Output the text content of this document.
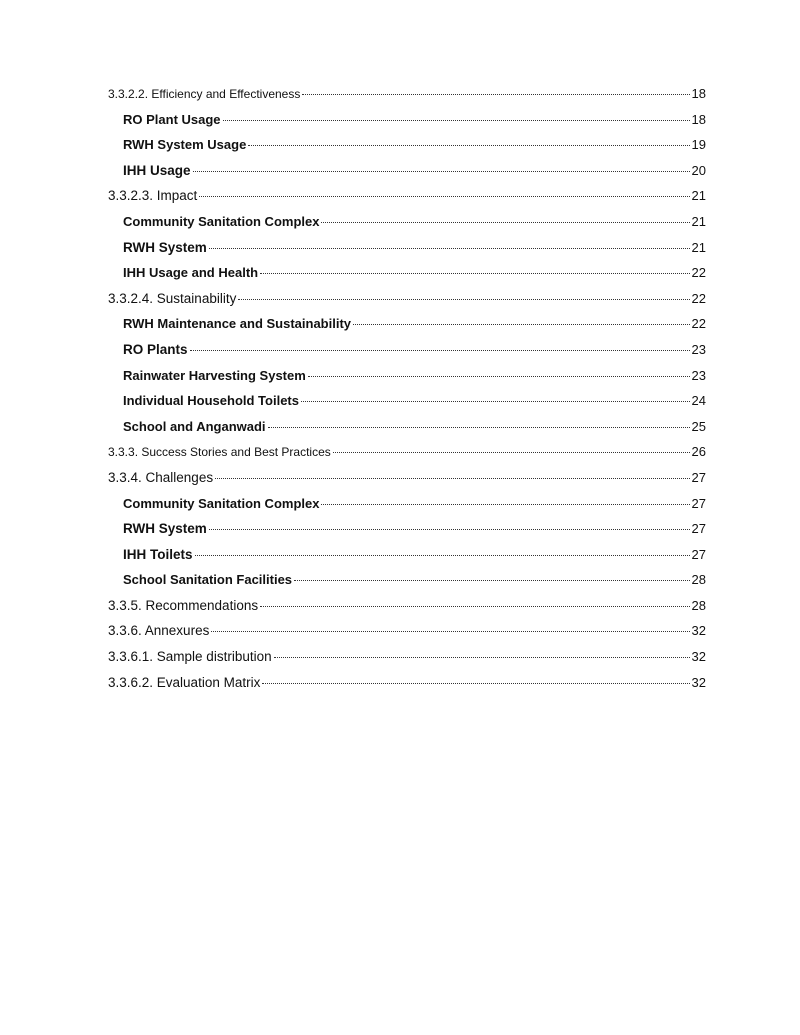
3.3.2.2. Efficiency and Effectiveness	18
RO Plant Usage	18
RWH System Usage	19
IHH Usage	20
3.3.2.3. Impact	21
Community Sanitation Complex	21
RWH System	21
IHH Usage and Health	22
3.3.2.4. Sustainability	22
RWH Maintenance and Sustainability	22
RO Plants	23
Rainwater Harvesting System	23
Individual Household Toilets	24
School and Anganwadi	25
3.3.3. Success Stories and Best Practices	26
3.3.4. Challenges	27
Community Sanitation Complex	27
RWH System	27
IHH Toilets	27
School Sanitation Facilities	28
3.3.5. Recommendations	28
3.3.6. Annexures	32
3.3.6.1. Sample distribution	32
3.3.6.2. Evaluation Matrix	32
